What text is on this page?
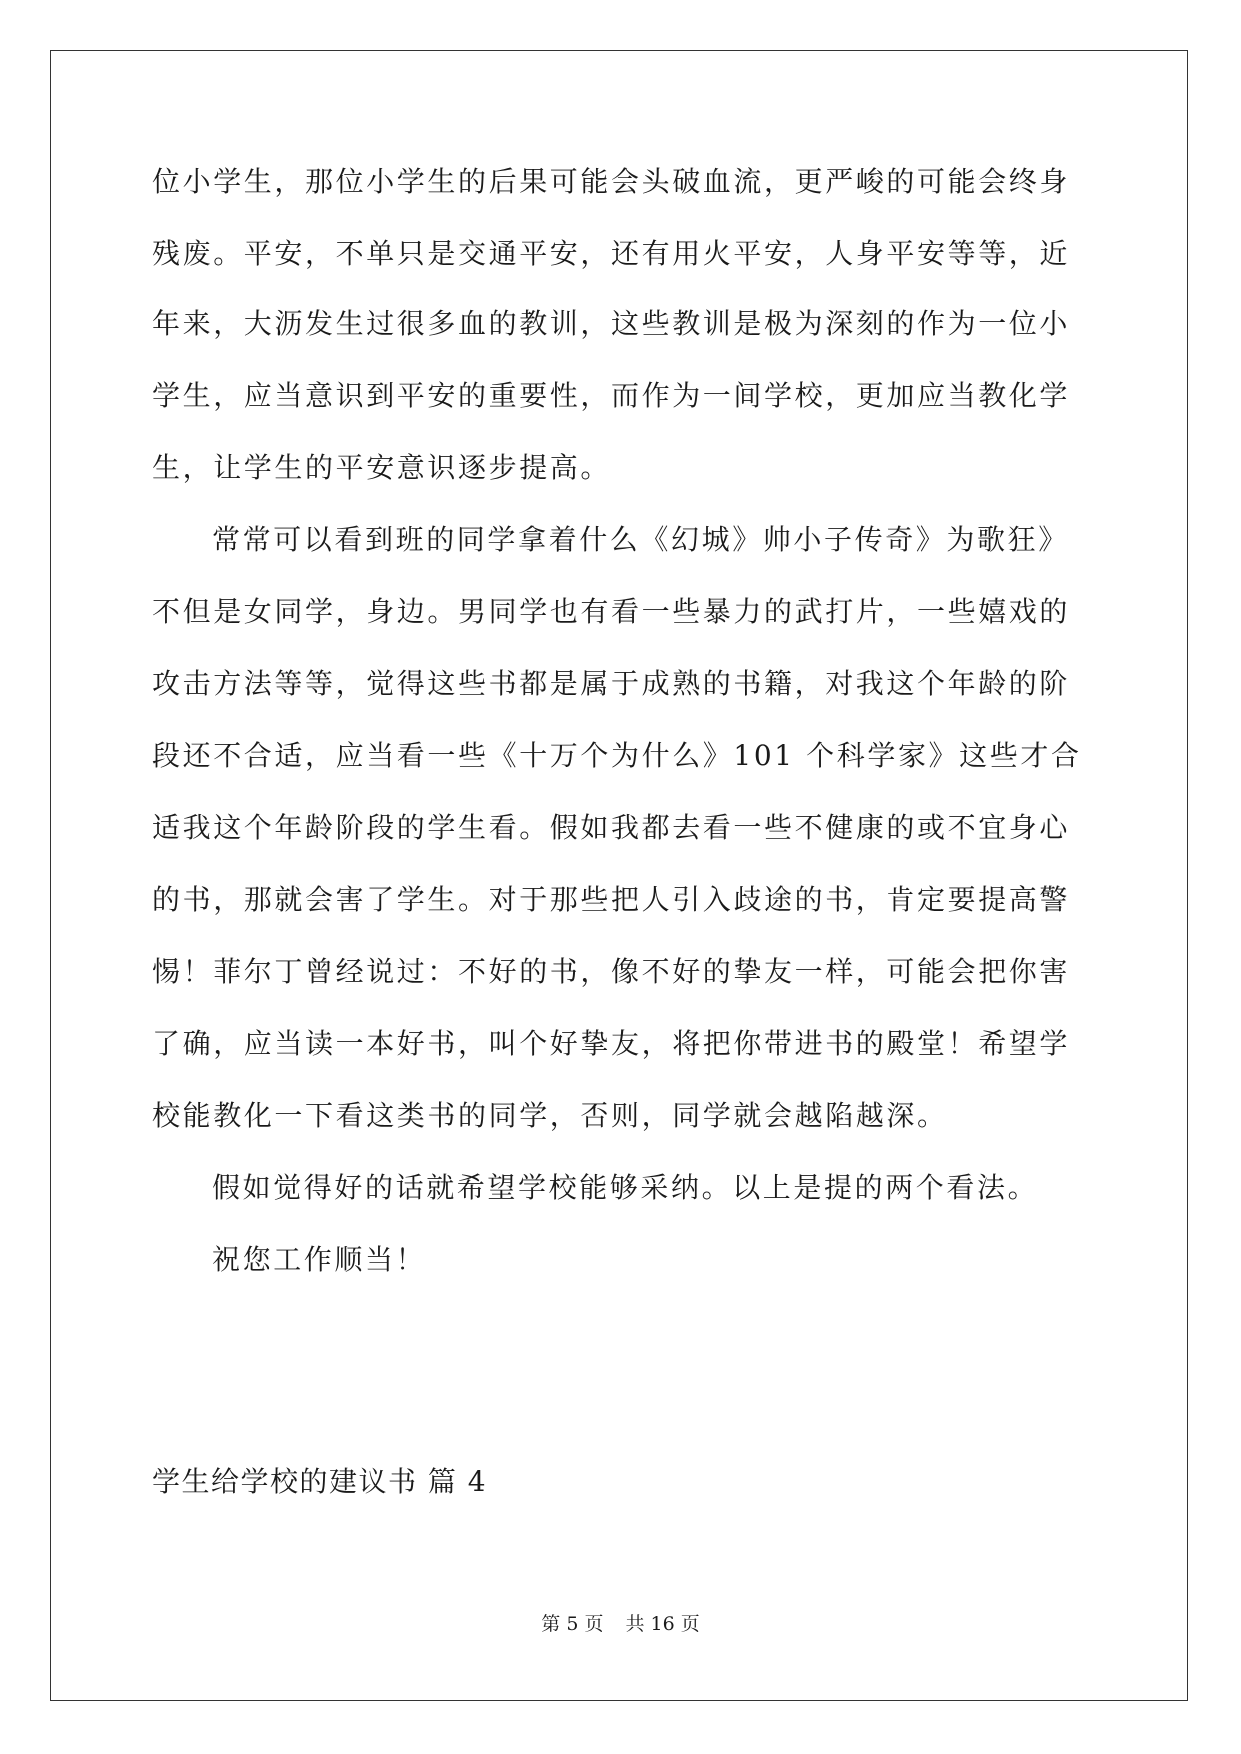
位小学生，那位小学生的后果可能会头破血流，更严峻的可能会终身
残废。平安，不单只是交通平安，还有用火平安，人身平安等等，近
年来，大沥发生过很多血的教训，这些教训是极为深刻的作为一位小
学生，应当意识到平安的重要性，而作为一间学校，更加应当教化学
生，让学生的平安意识逐步提高。
常常可以看到班的同学拿着什么《幻城》帅小子传奇》为歌狂》
不但是女同学，身边。男同学也有看一些暴力的武打片，一些嬉戏的
攻击方法等等，觉得这些书都是属于成熟的书籍，对我这个年龄的阶
段还不合适，应当看一些《十万个为什么》101 个科学家》这些才合
适我这个年龄阶段的学生看。假如我都去看一些不健康的或不宜身心
的书，那就会害了学生。对于那些把人引入歧途的书，肯定要提高警
惕！菲尔丁曾经说过：不好的书，像不好的挚友一样，可能会把你害
了确，应当读一本好书，叫个好挚友，将把你带进书的殿堂！希望学
校能教化一下看这类书的同学，否则，同学就会越陷越深。
假如觉得好的话就希望学校能够采纳。以上是提的两个看法。
祝您工作顺当！
学生给学校的建议书 篇 4
第 5 页 共 16 页
